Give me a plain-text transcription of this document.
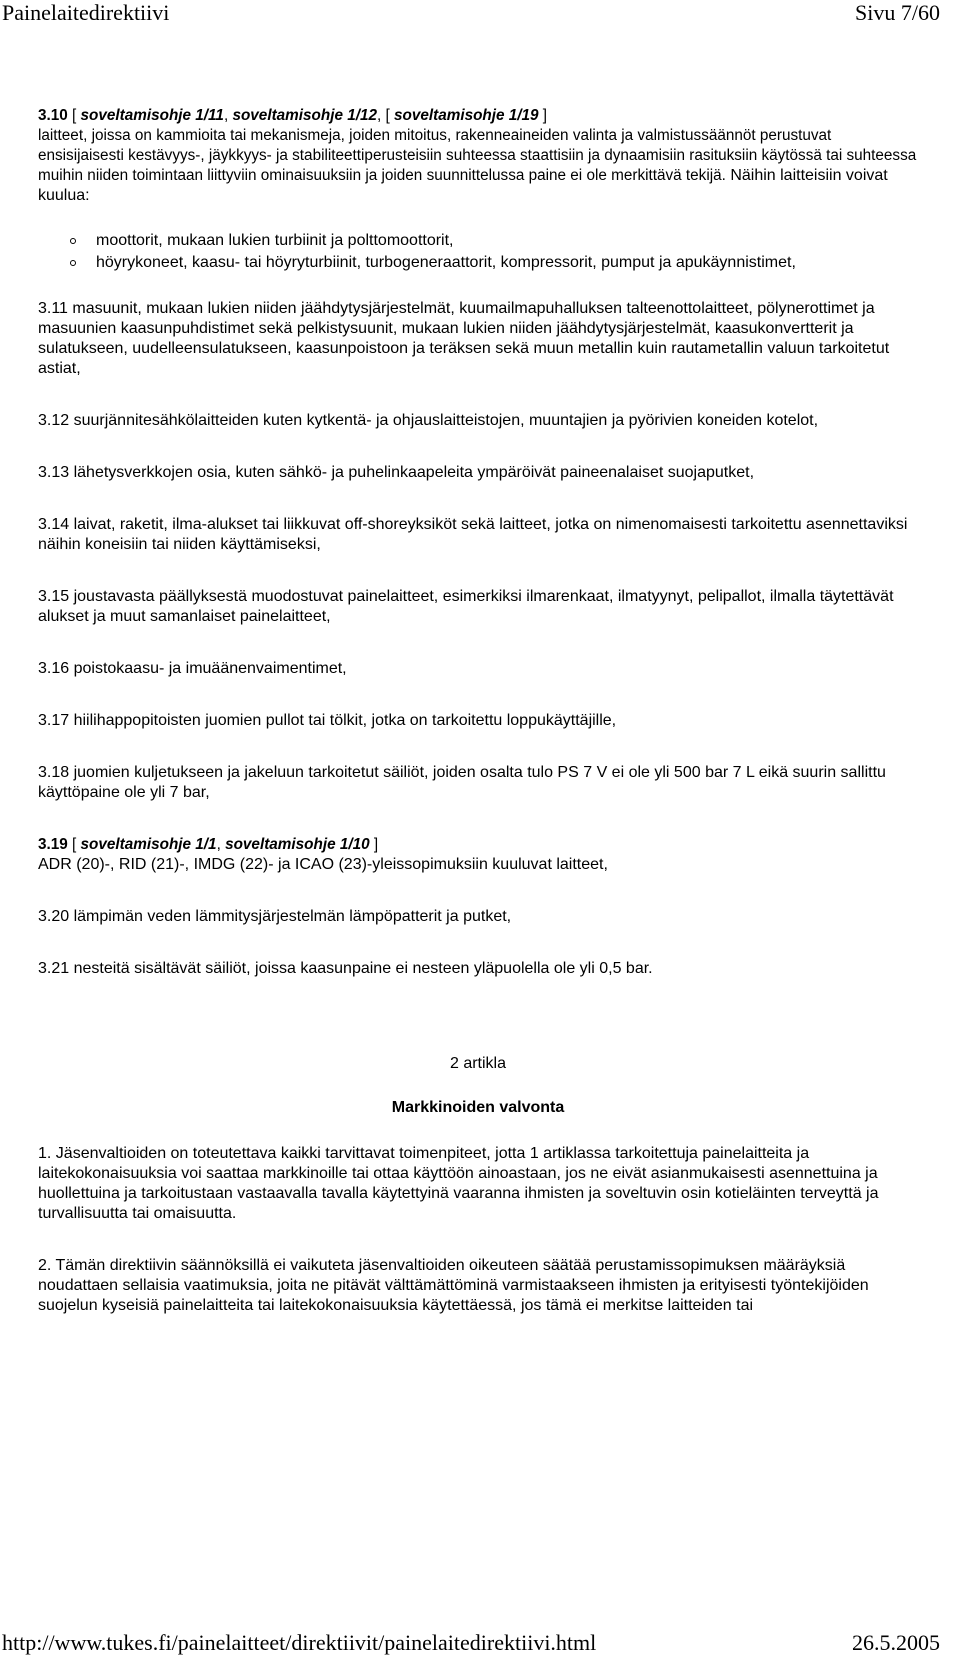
Painelaitedirektiivi	Sivu 7/60
3.10 [ soveltamisohje 1/11, soveltamisohje 1/12, [ soveltamisohje 1/19 ]
laitteet, joissa on kammioita tai mekanismeja, joiden mitoitus, rakenneaineiden valinta ja valmistussäännöt perustuvat ensisijaisesti kestävyys-, jäykkyys- ja stabiliteettiperusteisiin suhteessa staattisiin ja dynaamisiin rasituksiin käytössä tai suhteessa muihin niiden toimintaan liittyviin ominaisuuksiin ja joiden suunnittelussa paine ei ole merkittävä tekijä. Näihin laitteisiin voivat kuulua:
moottorit, mukaan lukien turbiinit ja polttomoottorit,
höyrykoneet, kaasu- tai höyryturbiinit, turbogeneraattorit, kompressorit, pumput ja apukäynnistimet,
3.11 masuunit, mukaan lukien niiden jäähdytysjärjestelmät, kuumailmapuhalluksen talteenottolaitteet, pölynerottimet ja masuunien kaasunpuhdistimet sekä pelkistysuunit, mukaan lukien niiden jäähdytysjärjestelmät, kaasukonvertterit ja sulatukseen, uudelleensulatukseen, kaasunpoistoon ja teräksen sekä muun metallin kuin rautametallin valuun tarkoitetut astiat,
3.12 suurjännitesähkölaitteiden kuten kytkentä- ja ohjauslaitteistojen, muuntajien ja pyörivien koneiden kotelot,
3.13 lähetysverkkojen osia, kuten sähkö- ja puhelinkaapeleita ympäröivät paineenalaiset suojaputket,
3.14 laivat, raketit, ilma-alukset tai liikkuvat off-shoreyksiköt sekä laitteet, jotka on nimenomaisesti tarkoitettu asennettaviksi näihin koneisiin tai niiden käyttämiseksi,
3.15 joustavasta päällyksestä muodostuvat painelaitteet, esimerkiksi ilmarenkaat, ilmatyynyt, pelipallot, ilmalla täytettävät alukset ja muut samanlaiset painelaitteet,
3.16 poistokaasu- ja imuäänenvaimentimet,
3.17 hiilihappopitoisten juomien pullot tai tölkit, jotka on tarkoitettu loppukäyttäjille,
3.18 juomien kuljetukseen ja jakeluun tarkoitetut säiliöt, joiden osalta tulo PS 7 V ei ole yli 500 bar 7 L eikä suurin sallittu käyttöpaine ole yli 7 bar,
3.19 [ soveltamisohje 1/1, soveltamisohje 1/10 ]
ADR (20)-, RID (21)-, IMDG (22)- ja ICAO (23)-yleissopimuksiin kuuluvat laitteet,
3.20 lämpimän veden lämmitysjärjestelmän lämpöpatterit ja putket,
3.21 nesteitä sisältävät säiliöt, joissa kaasunpaine ei nesteen yläpuolella ole yli 0,5 bar.
2 artikla
Markkinoiden valvonta
1. Jäsenvaltioiden on toteutettava kaikki tarvittavat toimenpiteet, jotta 1 artiklassa tarkoitettuja painelaitteita ja laitekokonaisuuksia voi saattaa markkinoille tai ottaa käyttöön ainoastaan, jos ne eivät asianmukaisesti asennettuina ja huollettuina ja tarkoitustaan vastaavalla tavalla käytettyinä vaaranna ihmisten ja soveltuvin osin kotieläinten terveyttä ja turvallisuutta tai omaisuutta.
2. Tämän direktiivin säännöksillä ei vaikuteta jäsenvaltioiden oikeuteen säätää perustamissopimuksen määräyksiä noudattaen sellaisia vaatimuksia, joita ne pitävät välttämättöminä varmistaakseen ihmisten ja erityisesti työntekijöiden suojelun kyseisiä painelaitteita tai laitekokonaisuuksia käytettäessä, jos tämä ei merkitse laitteiden tai
http://www.tukes.fi/painelaitteet/direktiivit/painelaitedirektiivi.html	26.5.2005
